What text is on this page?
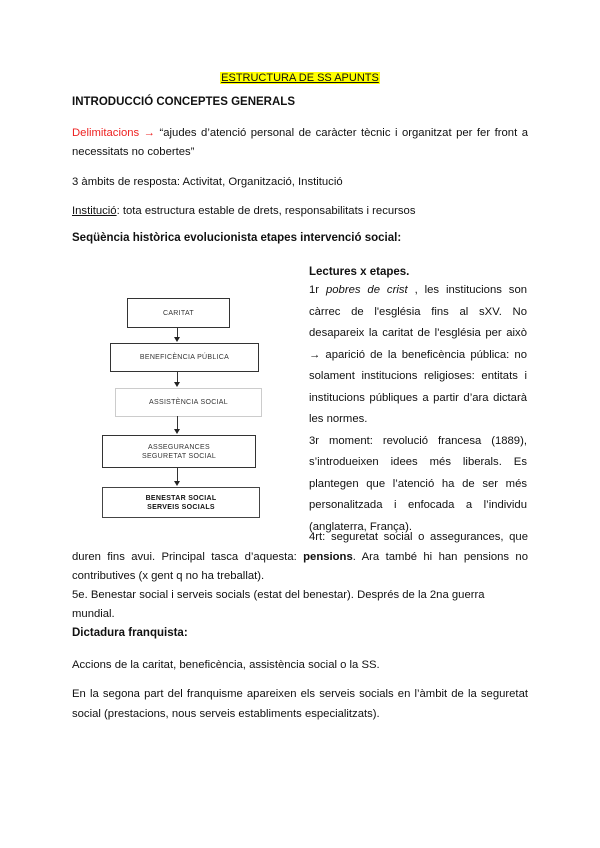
ESTRUCTURA DE SS APUNTS
INTRODUCCIÓ CONCEPTES GENERALS
Delimitacions → “ajudes d’atenció personal de caràcter tècnic i organitzat per fer front a
necessitats no cobertes”
3 àmbits de resposta: Activitat, Organització, Institució
Institució: tota estructura estable de drets, responsabilitats i recursos
Seqüència històrica evolucionista etapes intervenció social:
CARITAT
BENEFICÈNCIA PÚBLICA
ASSISTÈNCIA SOCIAL
ASSEGURANCES
SEGURETAT SOCIAL
BENESTAR SOCIAL
SERVEIS SOCIALS
Lectures x etapes.
1r pobres de crist , les institucions son càrrec de l'església fins al sXV. No desapareix la caritat de l'església per això → aparició de la beneficència pública: no solament institucions religioses: entitats i institucions públiques a partir d’ara dictarà les normes.
3r moment: revolució francesa (1889), s’introdueixen idees més liberals. Es plantegen que l’atenció ha de ser més personalitzada i enfocada a l’individu (anglaterra, França).
4rt: seguretat social o assegurances, que
duren fins avui. Principal tasca d’aquesta: pensions. Ara també hi han pensions no
contributives (x gent q no ha treballat).
5e. Benestar social i serveis socials (estat del benestar). Després de la 2na guerra mundial.
Dictadura franquista:
Accions de la caritat, beneficència, assistència social o la SS.
En la segona part del franquisme apareixen els serveis socials en l’àmbit de la seguretat social (prestacions, nous serveis establiments especialitzats).
